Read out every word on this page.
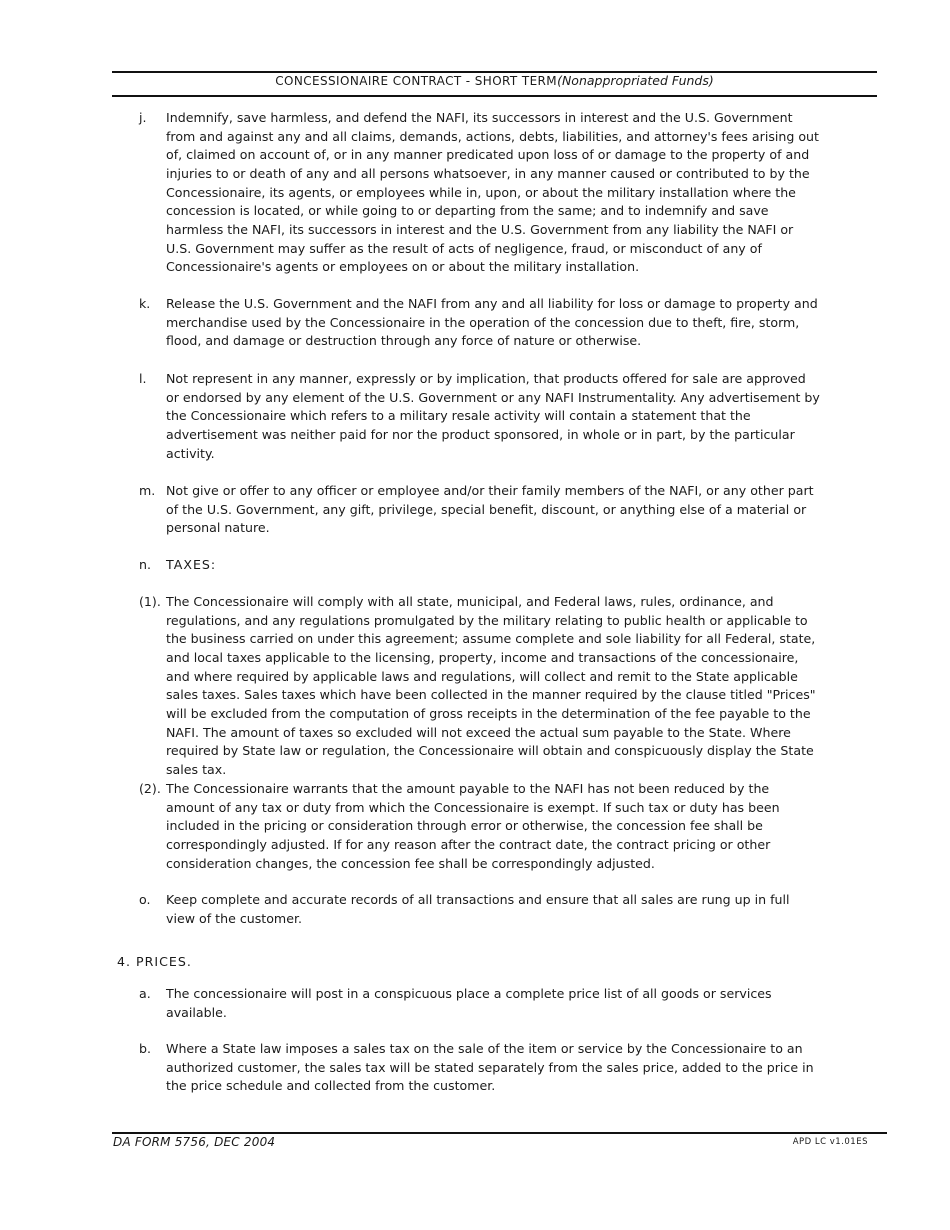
CONCESSIONAIRE CONTRACT - SHORT TERM(Nonappropriated Funds)
j. Indemnify, save harmless, and defend the NAFI, its successors in interest and the U.S. Government from and against any and all claims, demands, actions, debts, liabilities, and attorney's fees arising out of, claimed on account of, or in any manner predicated upon loss of or damage to the property of and injuries to or death of any and all persons whatsoever, in any manner caused or contributed to by the Concessionaire, its agents, or employees while in, upon, or about the military installation where the concession is located, or while going to or departing from the same; and to indemnify and save harmless the NAFI, its successors in interest and the U.S. Government from any liability the NAFI or U.S. Government may suffer as the result of acts of negligence, fraud, or misconduct of any of Concessionaire's agents or employees on or about the military installation.
k. Release the U.S. Government and the NAFI from any and all liability for loss or damage to property and merchandise used by the Concessionaire in the operation of the concession due to theft, fire, storm, flood, and damage or destruction through any force of nature or otherwise.
l. Not represent in any manner, expressly or by implication, that products offered for sale are approved or endorsed by any element of the U.S. Government or any NAFI Instrumentality. Any advertisement by the Concessionaire which refers to a military resale activity will contain a statement that the advertisement was neither paid for nor the product sponsored, in whole or in part, by the particular activity.
m. Not give or offer to any officer or employee and/or their family members of the NAFI, or any other part of the U.S. Government, any gift, privilege, special benefit, discount, or anything else of a material or personal nature.
n. TAXES:
(1). The Concessionaire will comply with all state, municipal, and Federal laws, rules, ordinance, and regulations, and any regulations promulgated by the military relating to public health or applicable to the business carried on under this agreement; assume complete and sole liability for all Federal, state, and local taxes applicable to the licensing, property, income and transactions of the concessionaire, and where required by applicable laws and regulations, will collect and remit to the State applicable sales taxes. Sales taxes which have been collected in the manner required by the clause titled "Prices" will be excluded from the computation of gross receipts in the determination of the fee payable to the NAFI. The amount of taxes so excluded will not exceed the actual sum payable to the State. Where required by State law or regulation, the Concessionaire will obtain and conspicuously display the State sales tax.
(2). The Concessionaire warrants that the amount payable to the NAFI has not been reduced by the amount of any tax or duty from which the Concessionaire is exempt. If such tax or duty has been included in the pricing or consideration through error or otherwise, the concession fee shall be correspondingly adjusted. If for any reason after the contract date, the contract pricing or other consideration changes, the concession fee shall be correspondingly adjusted.
o. Keep complete and accurate records of all transactions and ensure that all sales are rung up in full view of the customer.
4. PRICES.
a. The concessionaire will post in a conspicuous place a complete price list of all goods or services available.
b. Where a State law imposes a sales tax on the sale of the item or service by the Concessionaire to an authorized customer, the sales tax will be stated separately from the sales price, added to the price in the price schedule and collected from the customer.
DA FORM 5756, DEC 2004	APD LC v1.01ES
